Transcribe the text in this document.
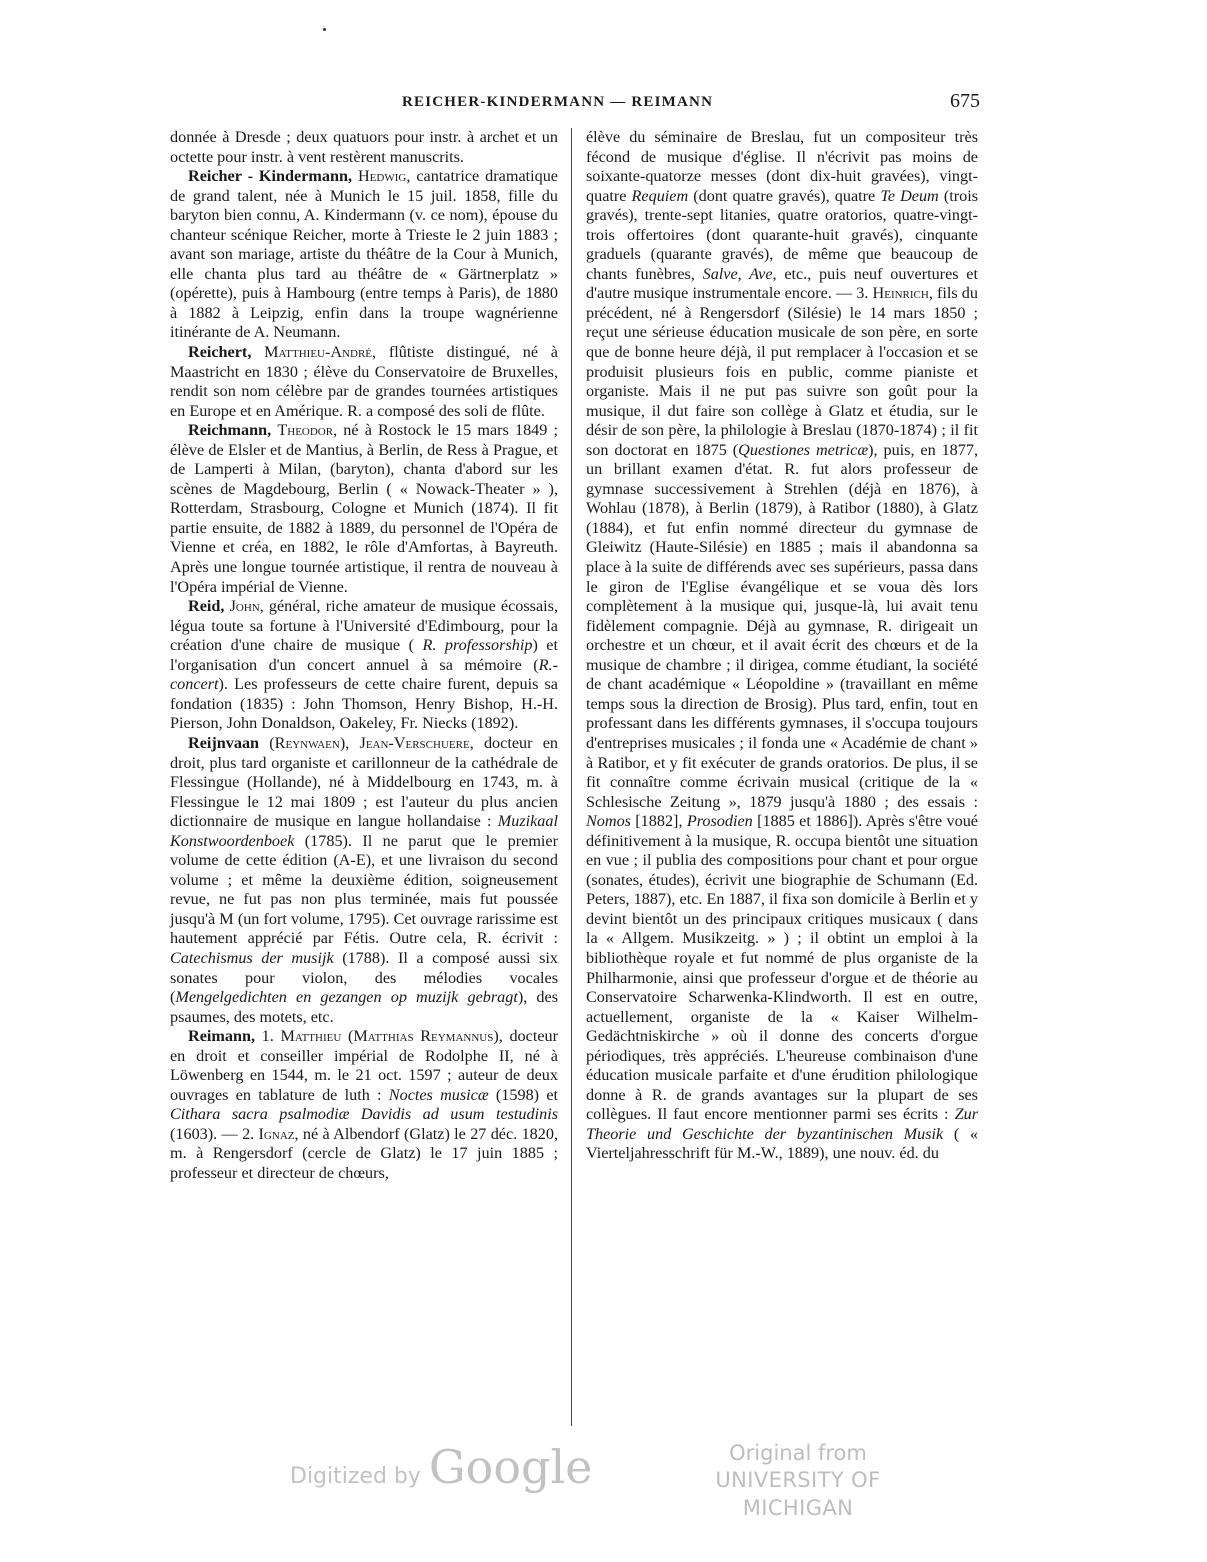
REICHER-KINDERMANN — REIMANN	675

donnée à Dresde ; deux quatuors pour instr. à archet et un octette pour instr. à vent restèrent manuscrits.

Reicher - Kindermann, Hedwig, cantatrice dramatique de grand talent, née à Munich le 15 juil. 1858, fille du baryton bien connu, A. Kindermann (v. ce nom), épouse du chanteur scénique Reicher, morte à Trieste le 2 juin 1883 ; avant son mariage, artiste du théâtre de la Cour à Munich, elle chanta plus tard au théâtre de « Gärtnerplatz » (opérette), puis à Hambourg (entre temps à Paris), de 1880 à 1882 à Leipzig, enfin dans la troupe wagnérienne itinérante de A. Neumann.

Reichert, Matthieu-André, flûtiste distingué, né à Maastricht en 1830 ; élève du Conservatoire de Bruxelles, rendit son nom célèbre par de grandes tournées artistiques en Europe et en Amérique. R. a composé des soli de flûte.

Reichmann, Theodor, né à Rostock le 15 mars 1849 ; élève de Elsler et de Mantius, à Berlin, de Ress à Prague, et de Lamperti à Milan, (baryton), chanta d'abord sur les scènes de Magdebourg, Berlin ( « Nowack-Theater » ), Rotterdam, Strasbourg, Cologne et Munich (1874). Il fit partie ensuite, de 1882 à 1889, du personnel de l'Opéra de Vienne et créa, en 1882, le rôle d'Amfortas, à Bayreuth. Après une longue tournée artistique, il rentra de nouveau à l'Opéra impérial de Vienne.

Reid, John, général, riche amateur de musique écossais, légua toute sa fortune à l'Université d'Edimbourg, pour la création d'une chaire de musique ( R. professorship) et l'organisation d'un concert annuel à sa mémoire (R.-concert). Les professeurs de cette chaire furent, depuis sa fondation (1835) : John Thomson, Henry Bishop, H.-H. Pierson, John Donaldson, Oakeley, Fr. Niecks (1892).

Reijnvaan (Reynwaen), Jean-Verschuere, docteur en droit, plus tard organiste et carillonneur de la cathédrale de Flessingue (Hollande), né à Middelbourg en 1743, m. à Flessingue le 12 mai 1809 ; est l'auteur du plus ancien dictionnaire de musique en langue hollandaise : Muzikaal Konstwoordenboek (1785). Il ne parut que le premier volume de cette édition (A-E), et une livraison du second volume ; et même la deuxième édition, soigneusement revue, ne fut pas non plus terminée, mais fut poussée jusqu'à M (un fort volume, 1795). Cet ouvrage rarissime est hautement apprécié par Fétis. Outre cela, R. écrivit : Catechismus der musijk (1788). Il a composé aussi six sonates pour violon, des mélodies vocales (Mengelgedichten en gezangen op muzijk gebragt), des psaumes, des motets, etc.

Reimann, 1. Matthieu (Matthias Reymannus), docteur en droit et conseiller impérial de Rodolphe II, né à Löwenberg en 1544, m. le 21 oct. 1597 ; auteur de deux ouvrages en tablature de luth : Noctes musicæ (1598) et Cithara sacra psalmodiæ Davidis ad usum testudinis (1603). — 2. Ignaz, né à Albendorf (Glatz) le 27 déc. 1820, m. à Rengersdorf (cercle de Glatz) le 17 juin 1885 ; professeur et directeur de chœurs,

élève du séminaire de Breslau, fut un compositeur très fécond de musique d'église. Il n'écrivit pas moins de soixante-quatorze messes (dont dix-huit gravées), vingt-quatre Requiem (dont quatre gravés), quatre Te Deum (trois gravés), trente-sept litanies, quatre oratorios, quatre-vingt-trois offertoires (dont quarante-huit gravés), cinquante graduels (quarante gravés), de même que beaucoup de chants funèbres, Salve, Ave, etc., puis neuf ouvertures et d'autre musique instrumentale encore. — 3. Heinrich, fils du précédent, né à Rengersdorf (Silésie) le 14 mars 1850 ; reçut une sérieuse éducation musicale de son père, en sorte que de bonne heure déjà, il put remplacer à l'occasion et se produisit plusieurs fois en public, comme pianiste et organiste. Mais il ne put pas suivre son goût pour la musique, il dut faire son collège à Glatz et étudia, sur le désir de son père, la philologie à Breslau (1870-1874) ; il fit son doctorat en 1875 (Questiones metricæ), puis, en 1877, un brillant examen d'état. R. fut alors professeur de gymnase successivement à Strehlen (déjà en 1876), à Wohlau (1878), à Berlin (1879), à Ratibor (1880), à Glatz (1884), et fut enfin nommé directeur du gymnase de Gleiwitz (Haute-Silésie) en 1885 ; mais il abandonna sa place à la suite de différends avec ses supérieurs, passa dans le giron de l'Eglise évangélique et se voua dès lors complètement à la musique qui, jusque-là, lui avait tenu fidèlement compagnie. Déjà au gymnase, R. dirigeait un orchestre et un chœur, et il avait écrit des chœurs et de la musique de chambre ; il dirigea, comme étudiant, la société de chant académique « Léopoldine » (travaillant en même temps sous la direction de Brosig). Plus tard, enfin, tout en professant dans les différents gymnases, il s'occupa toujours d'entreprises musicales ; il fonda une « Académie de chant » à Ratibor, et y fit exécuter de grands oratorios. De plus, il se fit connaître comme écrivain musical (critique de la « Schlesische Zeitung », 1879 jusqu'à 1880 ; des essais : Nomos [1882], Prosodien [1885 et 1886]). Après s'être voué définitivement à la musique, R. occupa bientôt une situation en vue ; il publia des compositions pour chant et pour orgue (sonates, études), écrivit une biographie de Schumann (Ed. Peters, 1887), etc. En 1887, il fixa son domicile à Berlin et y devint bientôt un des principaux critiques musicaux ( dans la « Allgem. Musikzeitg. » ) ; il obtint un emploi à la bibliothèque royale et fut nommé de plus organiste de la Philharmonie, ainsi que professeur d'orgue et de théorie au Conservatoire Scharwenka-Klindworth. Il est en outre, actuellement, organiste de la « Kaiser Wilhelm-Gedächtniskirche » où il donne des concerts d'orgue périodiques, très appréciés. L'heureuse combinaison d'une éducation musicale parfaite et d'une érudition philologique donne à R. de grands avantages sur la plupart de ses collègues. Il faut encore mentionner parmi ses écrits : Zur Theorie und Geschichte der byzantinischen Musik ( « Vierteljahresschrift für M.-W., 1889), une nouv. éd. du

Digitized by Google	Original from
UNIVERSITY OF MICHIGAN
